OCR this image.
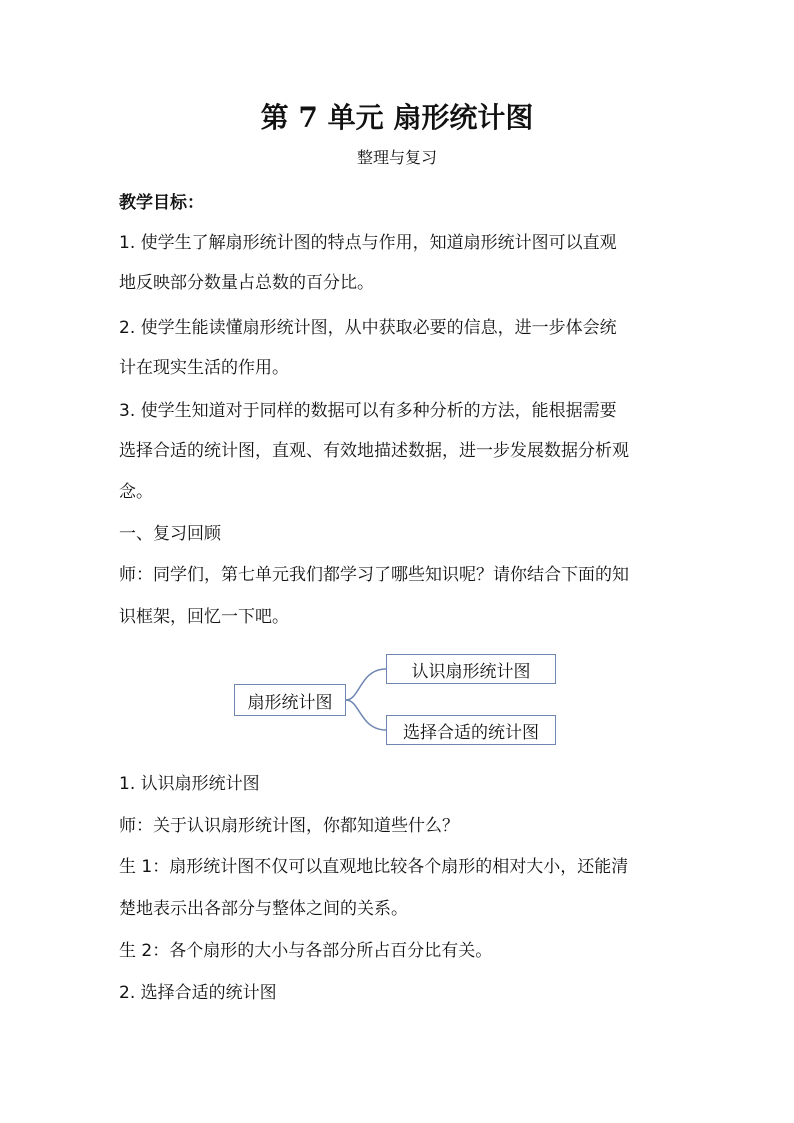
第 7 单元 扇形统计图
整理与复习
教学目标：
1. 使学生了解扇形统计图的特点与作用，知道扇形统计图可以直观
地反映部分数量占总数的百分比。
2. 使学生能读懂扇形统计图，从中获取必要的信息，进一步体会统
计在现实生活的作用。
3. 使学生知道对于同样的数据可以有多种分析的方法，能根据需要
选择合适的统计图，直观、有效地描述数据，进一步发展数据分析观
念。
一、复习回顾
师：同学们，第七单元我们都学习了哪些知识呢？请你结合下面的知
识框架，回忆一下吧。
扇形统计图
认识扇形统计图
选择合适的统计图
1. 认识扇形统计图
师：关于认识扇形统计图，你都知道些什么？
生 1：扇形统计图不仅可以直观地比较各个扇形的相对大小，还能清
楚地表示出各部分与整体之间的关系。
生 2：各个扇形的大小与各部分所占百分比有关。
2. 选择合适的统计图
